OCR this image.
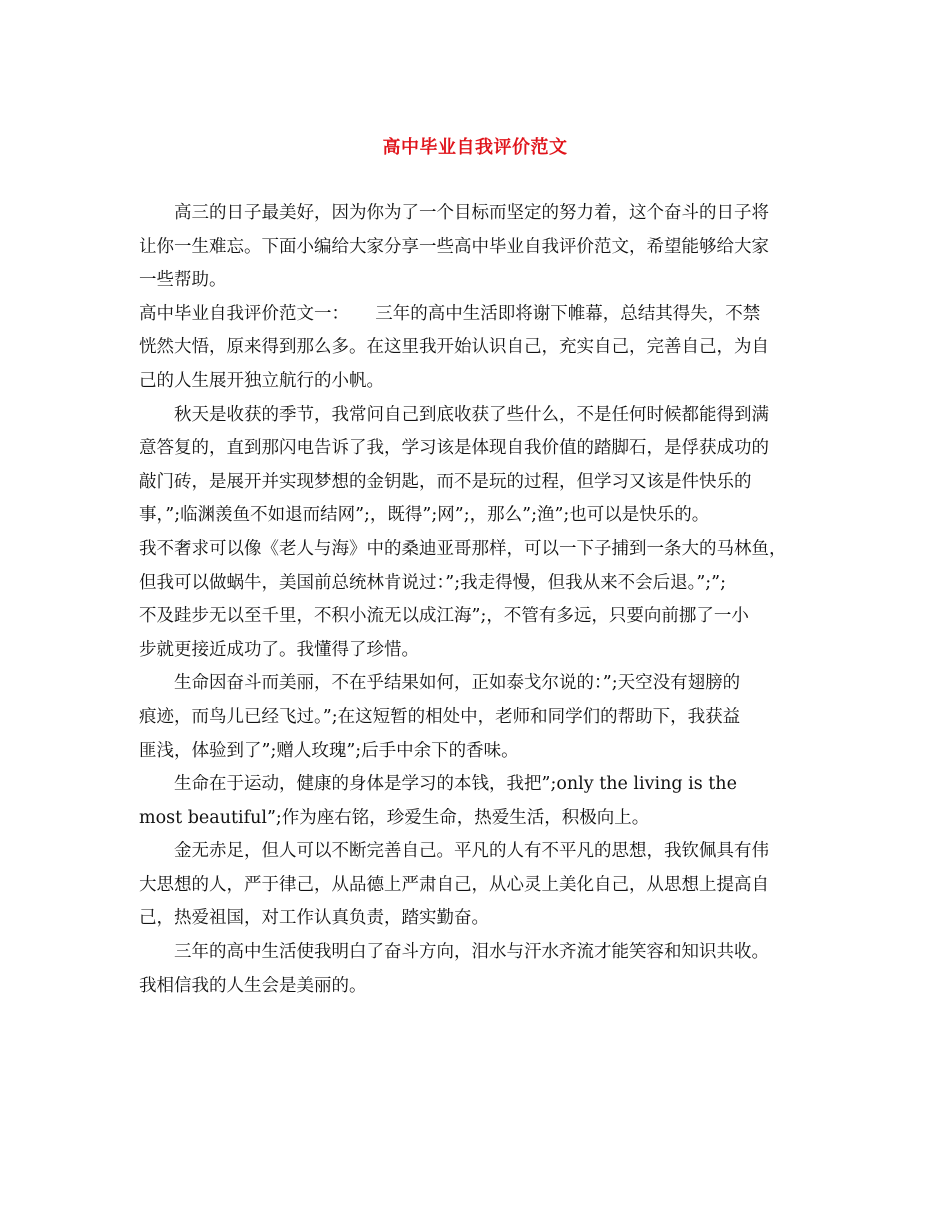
高中毕业自我评价范文

高三的日子最美好，因为你为了一个目标而坚定的努力着，这个奋斗的日子将
让你一生难忘。下面小编给大家分享一些高中毕业自我评价范文，希望能够给大家
一些帮助。

高中毕业自我评价范文一：　　三年的高中生活即将谢下帷幕，总结其得失，不禁
恍然大悟，原来得到那么多。在这里我开始认识自己，充实自己，完善自己，为自
己的人生展开独立航行的小帆。

秋天是收获的季节，我常问自己到底收获了些什么，不是任何时候都能得到满
意答复的，直到那闪电告诉了我，学习该是体现自我价值的踏脚石，是俘获成功的
敲门砖，是展开并实现梦想的金钥匙，而不是玩的过程，但学习又该是件快乐的
事，”;临渊羡鱼不如退而结网”;，既得”;网”;，那么”;渔”;也可以是快乐的。
我不奢求可以像《老人与海》中的桑迪亚哥那样，可以一下子捕到一条大的马林鱼，
但我可以做蜗牛，美国前总统林肯说过：”;我走得慢，但我从来不会后退。”;”;
不及跬步无以至千里，不积小流无以成江海”;，不管有多远，只要向前挪了一小
步就更接近成功了。我懂得了珍惜。

生命因奋斗而美丽，不在乎结果如何，正如泰戈尔说的：”;天空没有翅膀的
痕迹，而鸟儿已经飞过。”;在这短暂的相处中，老师和同学们的帮助下，我获益
匪浅，体验到了”;赠人玫瑰”;后手中余下的香味。

生命在于运动，健康的身体是学习的本钱，我把”;only the living is the
most beautiful”;作为座右铭，珍爱生命，热爱生活，积极向上。

金无赤足，但人可以不断完善自己。平凡的人有不平凡的思想，我钦佩具有伟
大思想的人，严于律己，从品德上严肃自己，从心灵上美化自己，从思想上提高自
己，热爱祖国，对工作认真负责，踏实勤奋。

三年的高中生活使我明白了奋斗方向，泪水与汗水齐流才能笑容和知识共收。
我相信我的人生会是美丽的。
